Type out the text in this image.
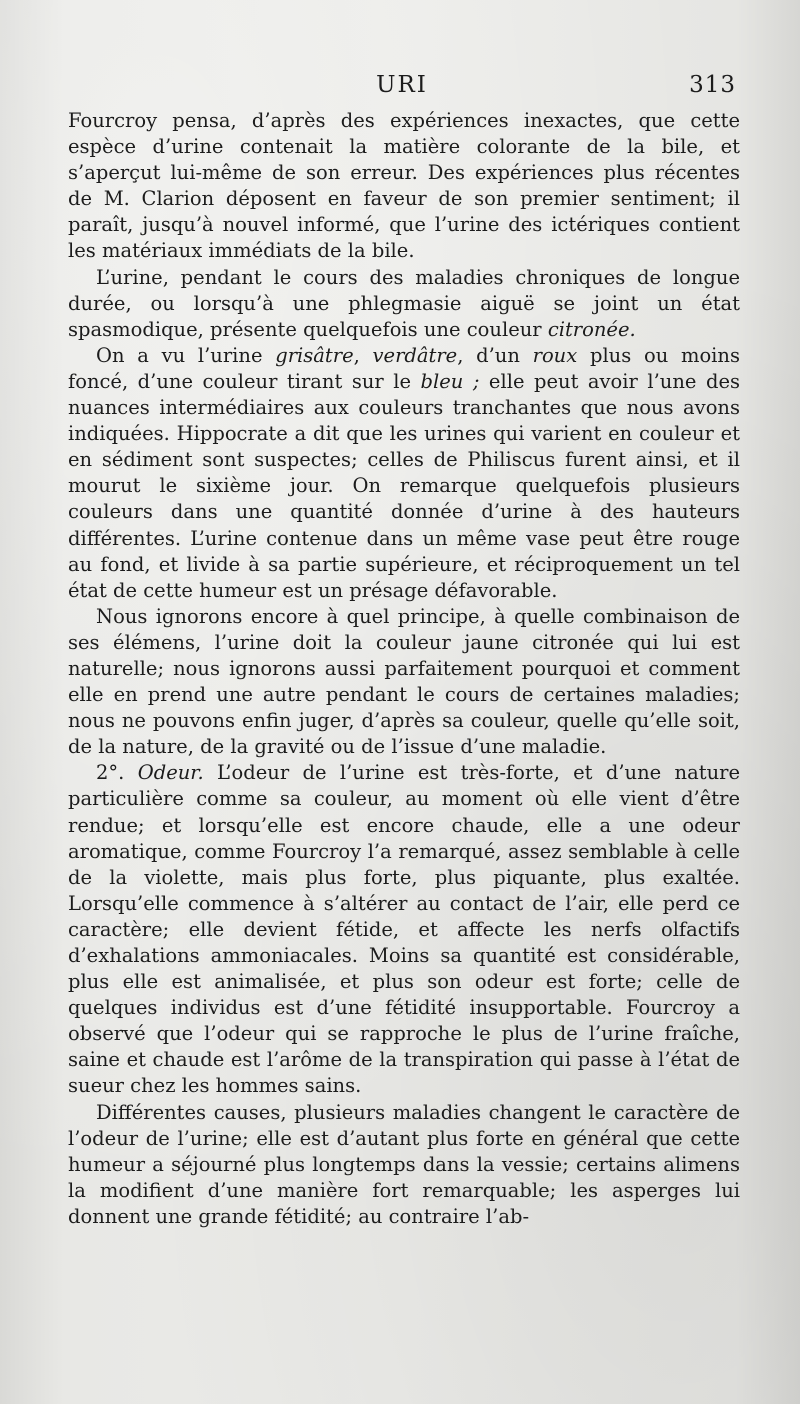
URI	313

Fourcroy pensa, d’après des expériences inexactes, que cette espèce d’urine contenait la matière colorante de la bile, et s’aperçut lui-même de son erreur. Des expériences plus récentes de M. Clarion déposent en faveur de son premier sentiment; il paraît, jusqu’à nouvel informé, que l’urine des ictériques contient les matériaux immédiats de la bile.

L’urine, pendant le cours des maladies chroniques de longue durée, ou lorsqu’à une phlegmasie aiguë se joint un état spasmodique, présente quelquefois une couleur citronée.

On a vu l’urine grisâtre, verdâtre, d’un roux plus ou moins foncé, d’une couleur tirant sur le bleu ; elle peut avoir l’une des nuances intermédiaires aux couleurs tranchantes que nous avons indiquées. Hippocrate a dit que les urines qui varient en couleur et en sédiment sont suspectes; celles de Philiscus furent ainsi, et il mourut le sixième jour. On remarque quelquefois plusieurs couleurs dans une quantité donnée d’urine à des hauteurs différentes. L’urine contenue dans un même vase peut être rouge au fond, et livide à sa partie supérieure, et réciproquement un tel état de cette humeur est un présage défavorable.

Nous ignorons encore à quel principe, à quelle combinaison de ses élémens, l’urine doit la couleur jaune citronée qui lui est naturelle; nous ignorons aussi parfaitement pourquoi et comment elle en prend une autre pendant le cours de certaines maladies; nous ne pouvons enfin juger, d’après sa couleur, quelle qu’elle soit, de la nature, de la gravité ou de l’issue d’une maladie.

2°. Odeur. L’odeur de l’urine est très-forte, et d’une nature particulière comme sa couleur, au moment où elle vient d’être rendue; et lorsqu’elle est encore chaude, elle a une odeur aromatique, comme Fourcroy l’a remarqué, assez semblable à celle de la violette, mais plus forte, plus piquante, plus exaltée. Lorsqu’elle commence à s’altérer au contact de l’air, elle perd ce caractère; elle devient fétide, et affecte les nerfs olfactifs d’exhalations ammoniacales. Moins sa quantité est considérable, plus elle est animalisée, et plus son odeur est forte; celle de quelques individus est d’une fétidité insupportable. Fourcroy a observé que l’odeur qui se rapproche le plus de l’urine fraîche, saine et chaude est l’arôme de la transpiration qui passe à l’état de sueur chez les hommes sains.

Différentes causes, plusieurs maladies changent le caractère de l’odeur de l’urine; elle est d’autant plus forte en général que cette humeur a séjourné plus longtemps dans la vessie; certains alimens la modifient d’une manière fort remarquable; les asperges lui donnent une grande fétidité; au contraire l’ab-
